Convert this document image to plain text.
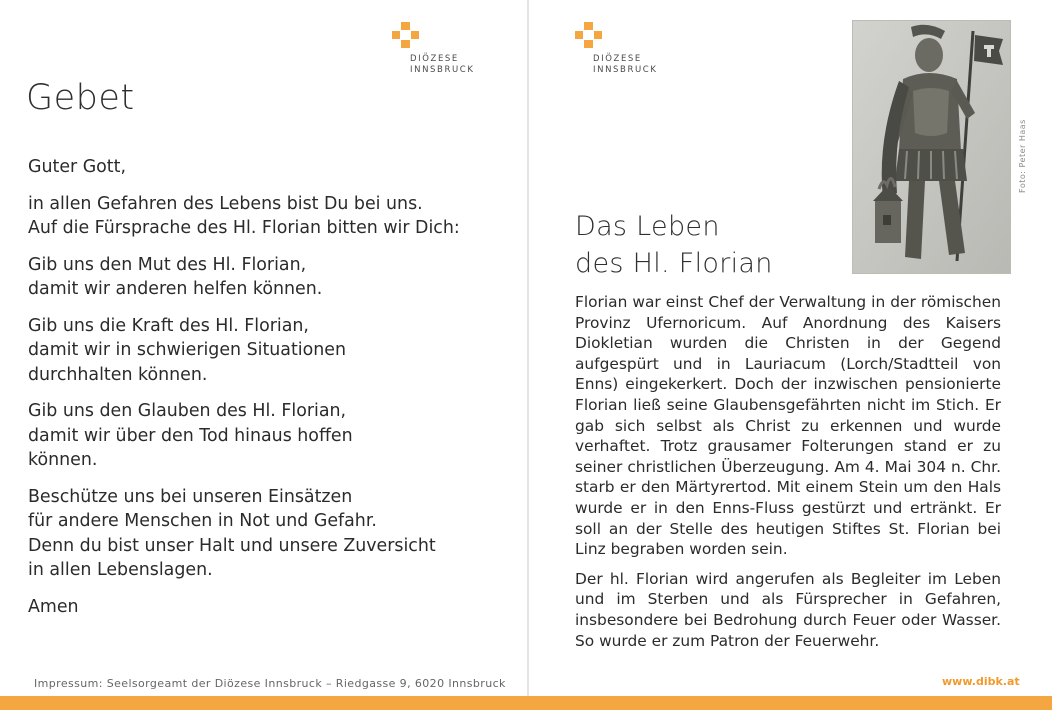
DIÖZESE
INNSBRUCK
Gebet

Guter Gott,

in allen Gefahren des Lebens bist Du bei uns.
Auf die Fürsprache des Hl. Florian bitten wir Dich:

Gib uns den Mut des Hl. Florian,
damit wir anderen helfen können.

Gib uns die Kraft des Hl. Florian,
damit wir in schwierigen Situationen
durchhalten können.

Gib uns den Glauben des Hl. Florian,
damit wir über den Tod hinaus hoffen
können.

Beschütze uns bei unseren Einsätzen
für andere Menschen in Not und Gefahr.
Denn du bist unser Halt und unsere Zuversicht
in allen Lebenslagen.

Amen

Impressum: Seelsorgeamt der Diözese Innsbruck – Riedgasse 9, 6020 Innsbruck
DIÖZESE
INNSBRUCK
Foto: Peter Haas
Das Leben
des Hl. Florian

Florian war einst Chef der Verwaltung in der römischen Provinz Ufernoricum. Auf Anordnung des Kaisers Diokletian wurden die Christen in der Gegend aufgespürt und in Lauriacum (Lorch/Stadtteil von Enns) eingekerkert. Doch der inzwischen pensionierte Florian ließ seine Glaubensgefährten nicht im Stich. Er gab sich selbst als Christ zu erkennen und wurde verhaftet. Trotz grausamer Folterungen stand er zu seiner christlichen Überzeugung. Am 4. Mai 304 n. Chr. starb er den Märtyrertod. Mit einem Stein um den Hals wurde er in den Enns-Fluss gestürzt und ertränkt. Er soll an der Stelle des heutigen Stiftes St. Florian bei Linz begraben worden sein.

Der hl. Florian wird angerufen als Begleiter im Leben und im Sterben und als Fürsprecher in Gefahren, insbesondere bei Bedrohung durch Feuer oder Wasser. So wurde er zum Patron der Feuerwehr.

www.dibk.at
